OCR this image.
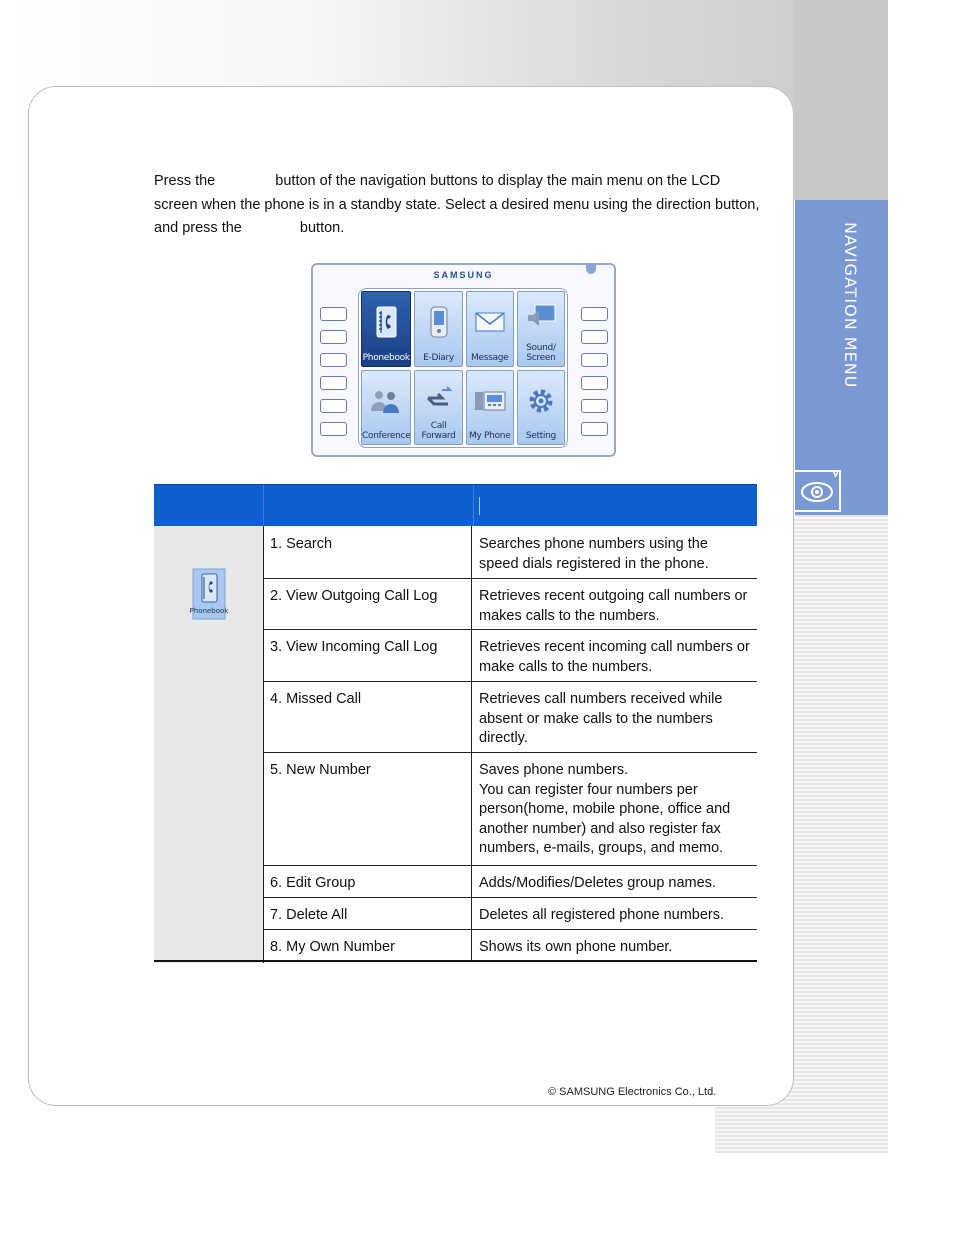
NAVIGATION MENU
Press the	button of the navigation buttons to display the main menu on the LCD screen when the phone is in a standby state. Select a desired menu using the direction button, and press the	button.
SAMSUNG
Phonebook E-Diary Message
Sound/ Screen
Conference
Call Forward	My Phone Setting
Phonebook
1. Search	Searches phone numbers using the speed dials registered in the phone.
2. View Outgoing Call Log	Retrieves recent outgoing call numbers or makes calls to the numbers.
3. View Incoming Call Log	Retrieves recent incoming call numbers or make calls to the numbers.
4. Missed Call	Retrieves call numbers received while absent or make calls to the numbers directly.
5. New Number	Saves phone numbers.
You can register four numbers per person(home, mobile phone, office and another number) and also register fax numbers, e-mails, groups, and memo.
6. Edit Group	Adds/Modifies/Deletes group names.
7. Delete All	Deletes all registered phone numbers.
8. My Own Number	Shows its own phone number.
© SAMSUNG Electronics Co., Ltd.
